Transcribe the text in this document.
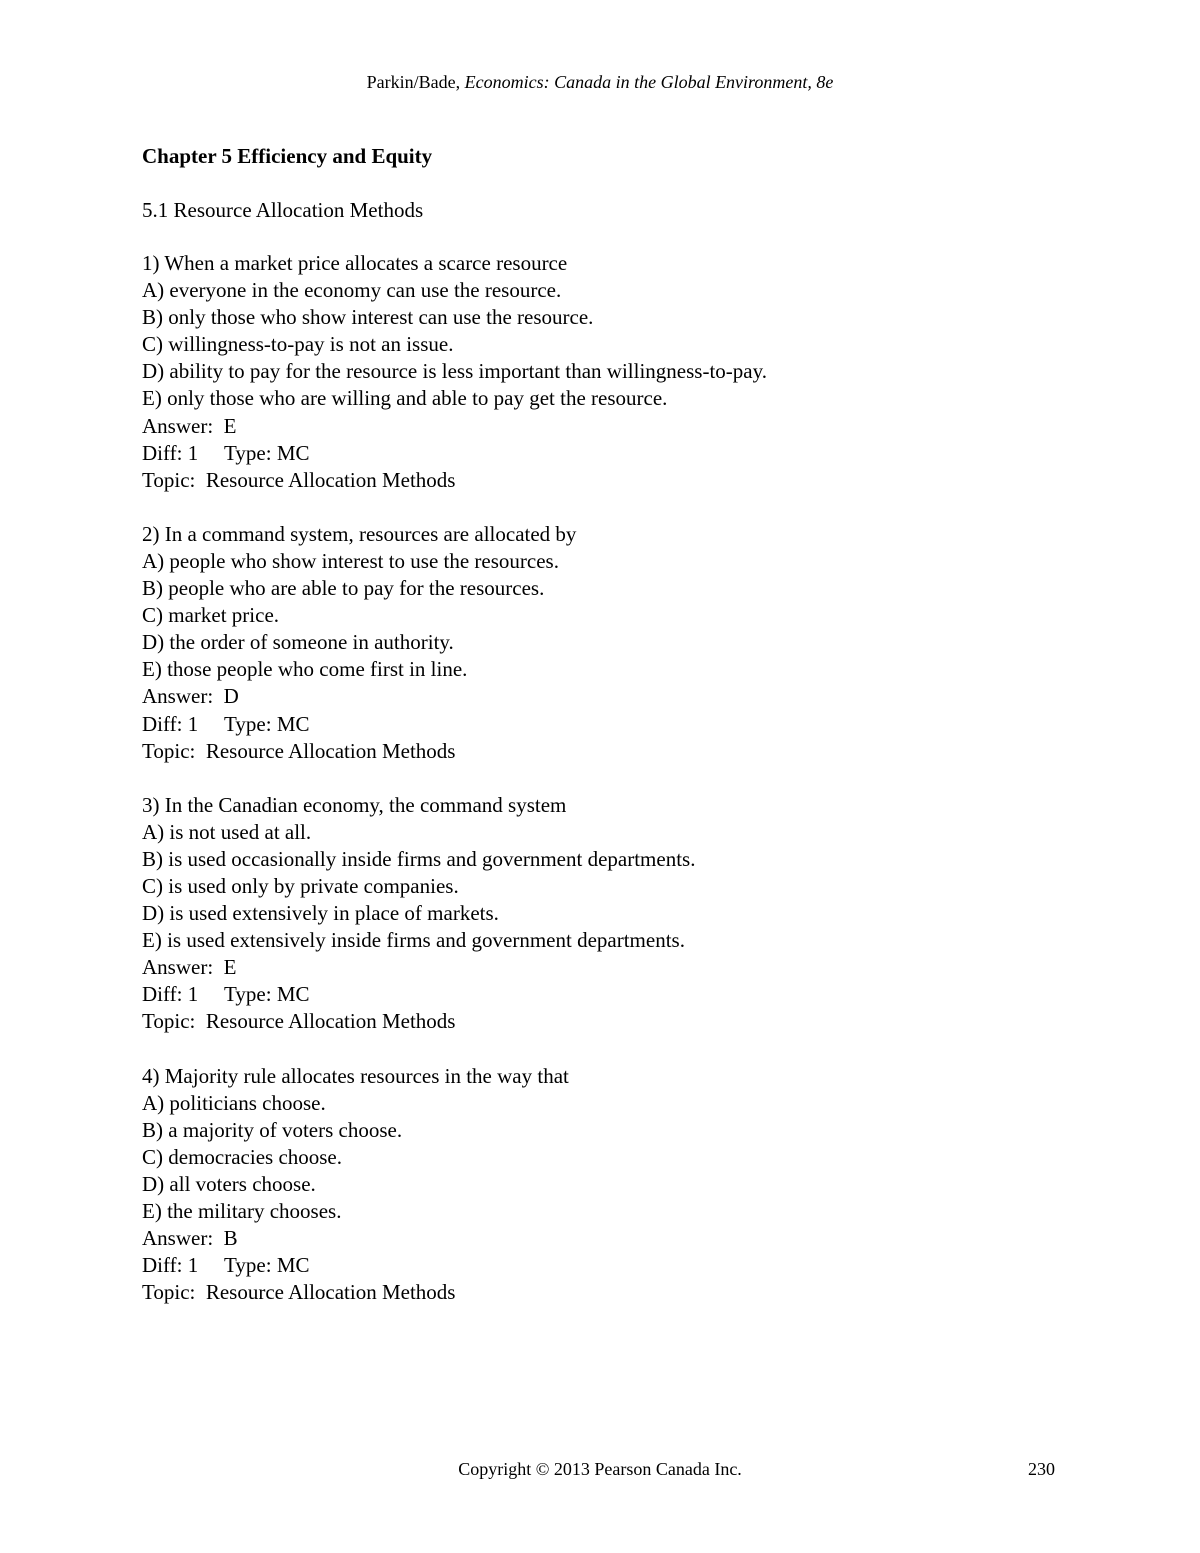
Parkin/Bade, Economics: Canada in the Global Environment, 8e
Chapter 5 Efficiency and Equity
5.1 Resource Allocation Methods
1) When a market price allocates a scarce resource
A) everyone in the economy can use the resource.
B) only those who show interest can use the resource.
C) willingness-to-pay is not an issue.
D) ability to pay for the resource is less important than willingness-to-pay.
E) only those who are willing and able to pay get the resource.
Answer:  E
Diff: 1     Type: MC
Topic:  Resource Allocation Methods
2) In a command system, resources are allocated by
A) people who show interest to use the resources.
B) people who are able to pay for the resources.
C) market price.
D) the order of someone in authority.
E) those people who come first in line.
Answer:  D
Diff: 1     Type: MC
Topic:  Resource Allocation Methods
3) In the Canadian economy, the command system
A) is not used at all.
B) is used occasionally inside firms and government departments.
C) is used only by private companies.
D) is used extensively in place of markets.
E) is used extensively inside firms and government departments.
Answer:  E
Diff: 1     Type: MC
Topic:  Resource Allocation Methods
4) Majority rule allocates resources in the way that
A) politicians choose.
B) a majority of voters choose.
C) democracies choose.
D) all voters choose.
E) the military chooses.
Answer:  B
Diff: 1     Type: MC
Topic:  Resource Allocation Methods
Copyright © 2013 Pearson Canada Inc.	230
